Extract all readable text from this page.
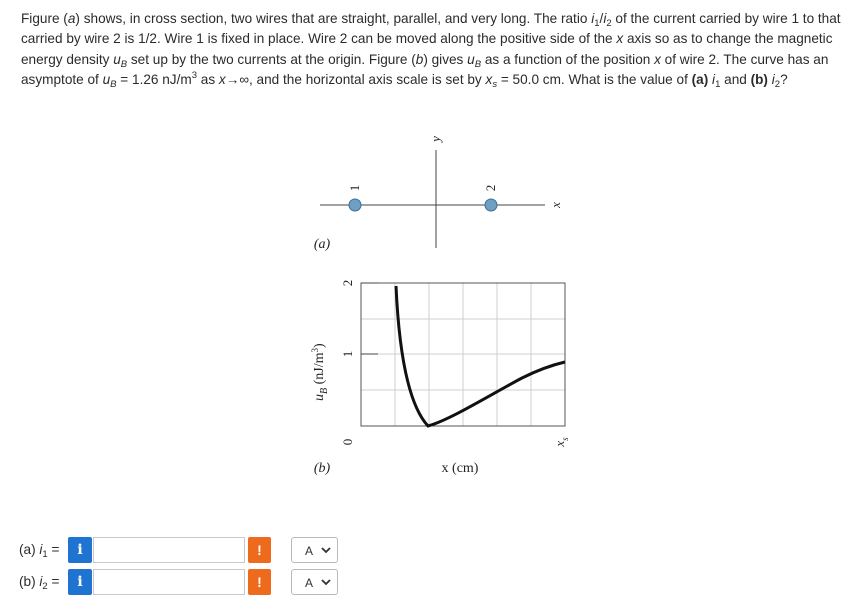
Figure (a) shows, in cross section, two wires that are straight, parallel, and very long. The ratio $i_1/i_2$ of the current carried by wire 1 to that carried by wire 2 is 1/2. Wire 1 is fixed in place. Wire 2 can be moved along the positive side of the x axis so as to change the magnetic energy density $u_B$ set up by the two currents at the origin. Figure (b) gives $u_B$ as a function of the position x of wire 2. The curve has an asymptote of $u_B = 1.26$ $nJ/m^3$ as x→∞, and the horizontal axis scale is set by $x_s = 50.0$ cm. What is the value of (a) $i_1$ and (b) $i_2$?
1	2
y
x
(a)
2
1
0
$u_B$ $(nJ/m^3)$
x (cm)
$x_s$
(b)
(a) $i_1$ =	i	!	A
(b) $i_2$ =	i	!	A
